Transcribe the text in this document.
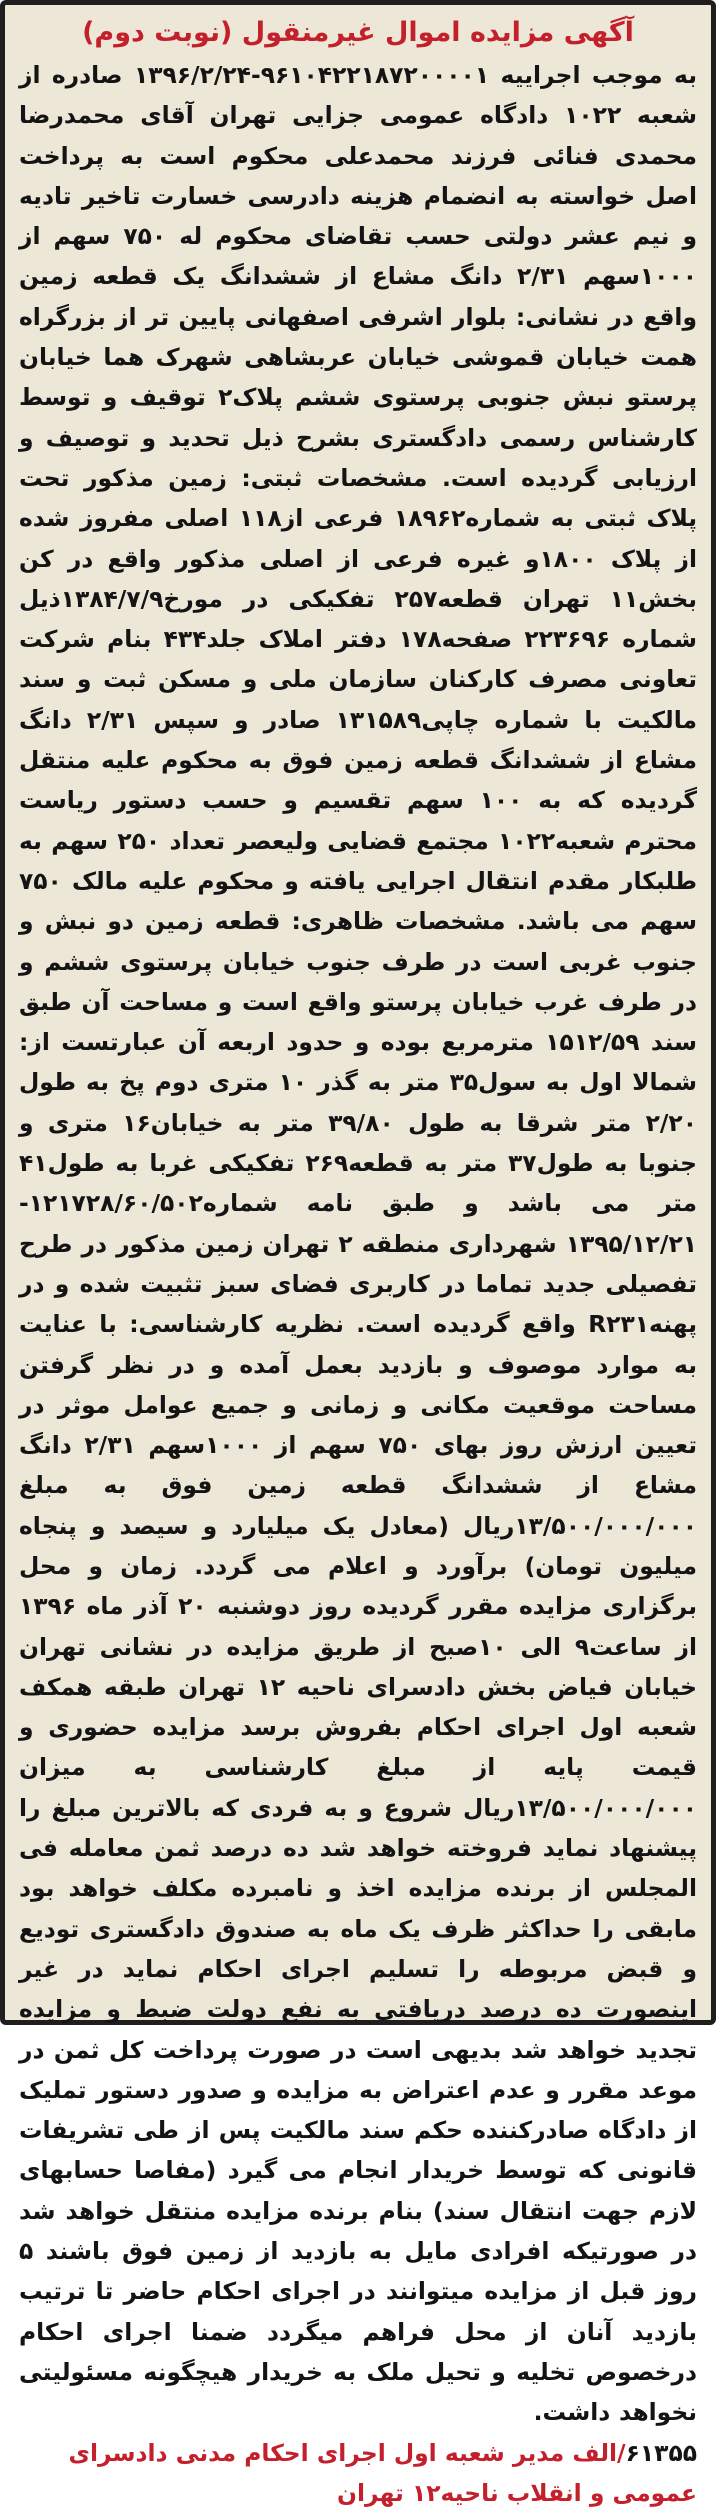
آگهی مزایده اموال غیرمنقول (نوبت دوم)

به موجب اجراییه ۹۶۱۰۴۲۲۱۸۷۲۰۰۰۰۱-۱۳۹۶/۲/۲۴ صادره از شعبه ۱۰۲۲ دادگاه عمومی جزایی تهران آقای محمدرضا محمدی فنائی فرزند محمدعلی محکوم است به پرداخت اصل خواسته به انضمام هزینه دادرسی خسارت تاخیر تادیه و نیم عشر دولتی حسب تقاضای محکوم له ۷۵۰ سهم از ۱۰۰۰سهم ۲/۳۱ دانگ مشاع از ششدانگ یک قطعه زمین واقع در نشانی: بلوار اشرفی اصفهانی پایین تر از بزرگراه همت خیابان قموشی خیابان عربشاهی شهرک هما خیابان پرستو نبش جنوبی پرستوی ششم پلاک۲ توقیف و توسط کارشناس رسمی دادگستری بشرح ذیل تحدید و توصیف و ارزیابی گردیده است. مشخصات ثبتی: زمین مذکور تحت پلاک ثبتی به شماره۱۸۹۶۲ فرعی از۱۱۸ اصلی مفروز شده از پلاک ۱۸۰۰و غیره فرعی از اصلی مذکور واقع در کن بخش۱۱ تهران قطعه۲۵۷ تفکیکی در مورخ۱۳۸۴/۷/۹ذیل شماره ۲۲۳۶۹۶ صفحه۱۷۸ دفتر املاک جلد۴۳۴ بنام شرکت تعاونی مصرف کارکنان سازمان ملی و مسکن ثبت و سند مالکیت با شماره چاپی۱۳۱۵۸۹ صادر و سپس ۲/۳۱ دانگ مشاع از ششدانگ قطعه زمین فوق به محکوم علیه منتقل گردیده که به ۱۰۰ سهم تقسیم و حسب دستور ریاست محترم شعبه۱۰۲۲ مجتمع قضایی ولیعصر تعداد ۲۵۰ سهم به طلبکار مقدم انتقال اجرایی یافته و محکوم علیه مالک ۷۵۰ سهم می باشد. مشخصات ظاهری: قطعه زمین دو نبش و جنوب غربی است در طرف جنوب خیابان پرستوی ششم و در طرف غرب خیابان پرستو واقع است و مساحت آن طبق سند ۱۵۱۲/۵۹ مترمربع بوده و حدود اربعه آن عبارتست از: شمالا اول به سول۳۵ متر به گذر ۱۰ متری دوم پخ به طول ۲/۲۰ متر شرقا به طول ۳۹/۸۰ متر به خیابان۱۶ متری و جنوبا به طول۳۷ متر به قطعه۲۶۹ تفکیکی غربا به طول۴۱ متر می باشد و طبق نامه شماره۱۲۱۷۲۸/۶۰/۵۰۲- ۱۳۹۵/۱۲/۲۱ شهرداری منطقه ۲ تهران زمین مذکور در طرح تفصیلی جدید تماما در کاربری فضای سبز تثبیت شده و در پهنهR۲۳۱ واقع گردیده است. نظریه کارشناسی: با عنایت به موارد موصوف و بازدید بعمل آمده و در نظر گرفتن مساحت موقعیت مکانی و زمانی و جمیع عوامل موثر در تعیین ارزش روز بهای ۷۵۰ سهم از ۱۰۰۰سهم ۲/۳۱ دانگ مشاع از ششدانگ قطعه زمین فوق به مبلغ ۱۳/۵۰۰/۰۰۰/۰۰۰ریال (معادل یک میلیارد و سیصد و پنجاه میلیون تومان) برآورد و اعلام می گردد. زمان و محل برگزاری مزایده مقرر گردیده روز دوشنبه ۲۰ آذر ماه ۱۳۹۶ از ساعت۹ الی ۱۰صبح از طریق مزایده در نشانی تهران خیابان فیاض بخش دادسرای ناحیه ۱۲ تهران طبقه همکف شعبه اول اجرای احکام بفروش برسد مزایده حضوری و قیمت پایه از مبلغ کارشناسی به میزان ۱۳/۵۰۰/۰۰۰/۰۰۰ریال شروع و به فردی که بالاترین مبلغ را پیشنهاد نماید فروخته خواهد شد ده درصد ثمن معامله فی المجلس از برنده مزایده اخذ و نامبرده مکلف خواهد بود مابقی را حداکثر ظرف یک ماه به صندوق دادگستری تودیع و قبض مربوطه را تسلیم اجرای احکام نماید در غیر اینصورت ده درصد دریافتی به نفع دولت ضبط و مزایده تجدید خواهد شد بدیهی است در صورت پرداخت کل ثمن در موعد مقرر و عدم اعتراض به مزایده و صدور دستور تملیک از دادگاه صادرکننده حکم سند مالکیت پس از طی تشریفات قانونی که توسط خریدار انجام می گیرد (مفاصا حسابهای لازم جهت انتقال سند) بنام برنده مزایده منتقل خواهد شد در صورتیکه افرادی مایل به بازدید از زمین فوق باشند ۵ روز قبل از مزایده میتوانند در اجرای احکام حاضر تا ترتیب بازدید آنان از محل فراهم میگردد ضمنا اجرای احکام درخصوص تخلیه و تحیل ملک به خریدار هیچگونه مسئولیتی نخواهد داشت.

۶۱۳۵۵/الف مدیر شعبه اول اجرای احکام مدنی دادسرای عمومی و انقلاب ناحیه۱۲ تهران
